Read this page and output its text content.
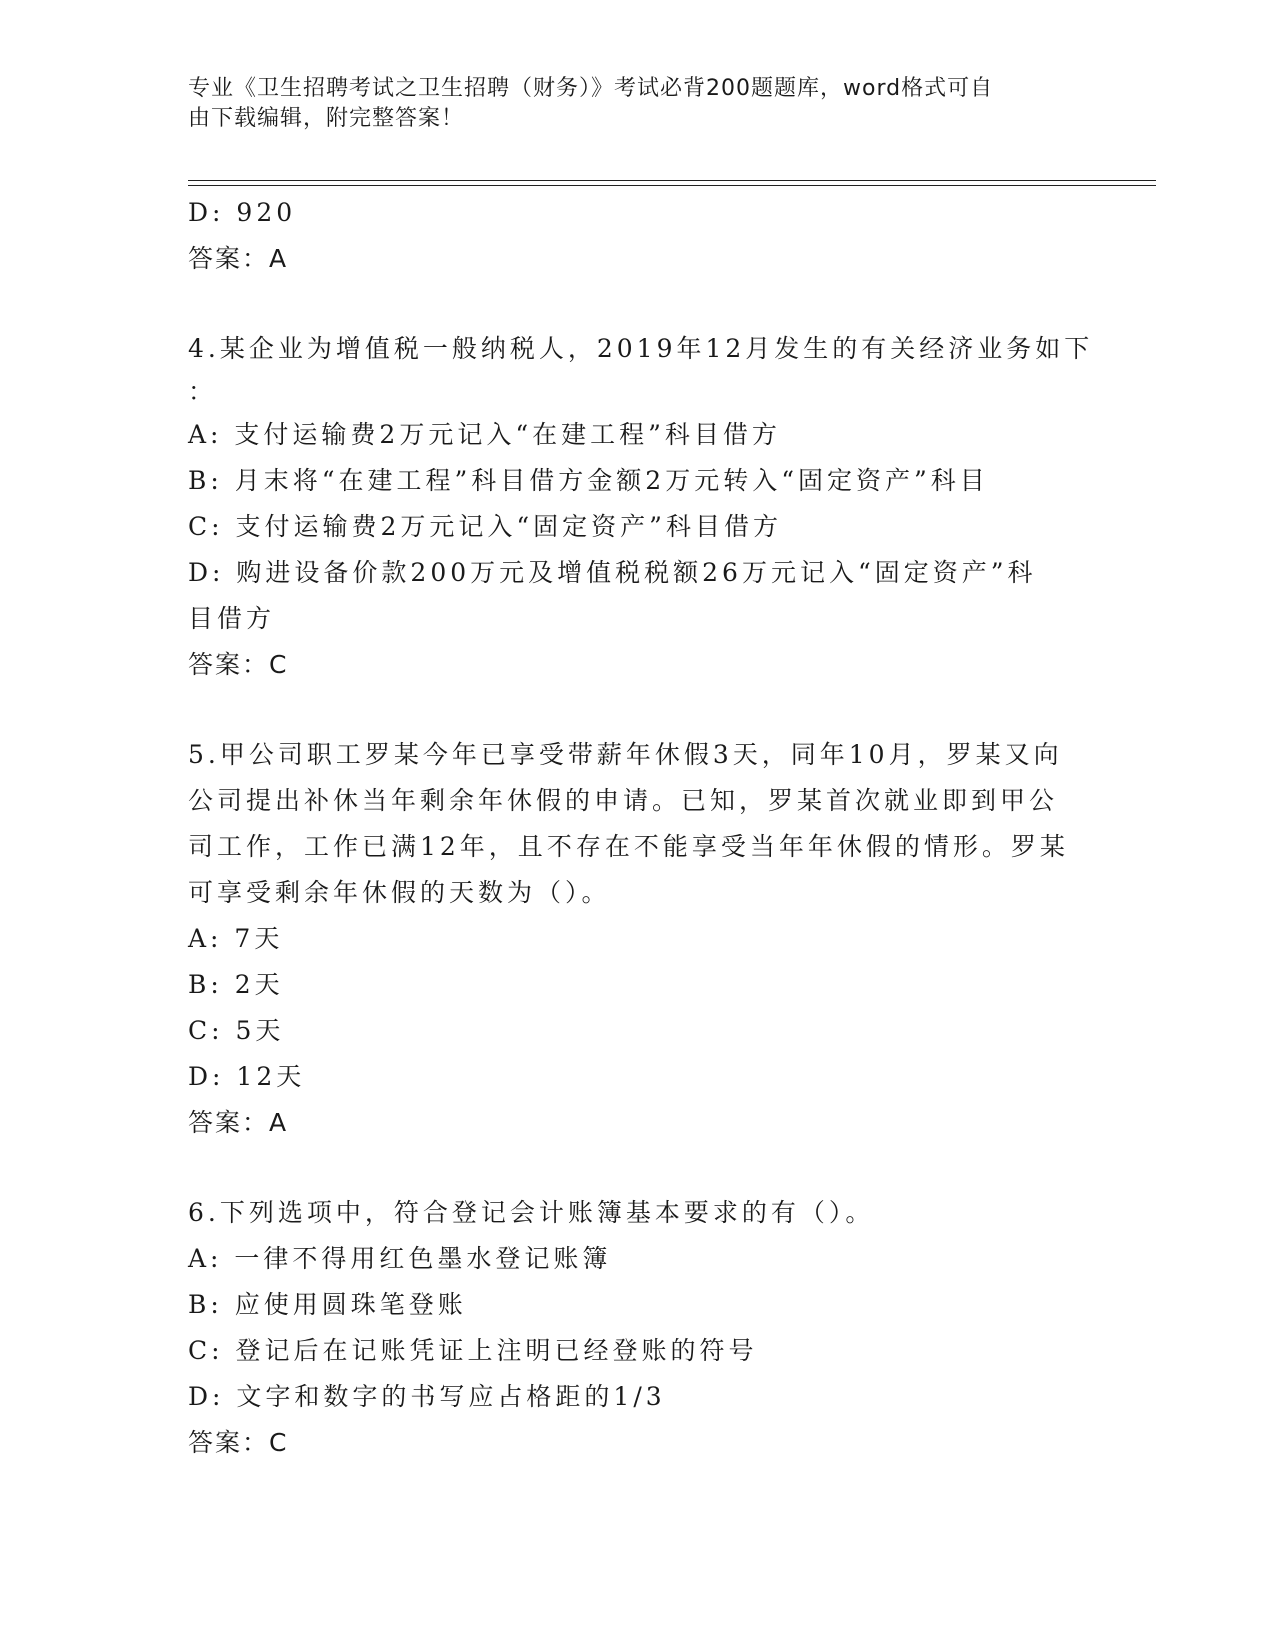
专业《卫生招聘考试之卫生招聘（财务）》考试必背200题题库，word格式可自
由下载编辑，附完整答案！
D: 920
答案：A
4.某企业为增值税一般纳税人，2019年12月发生的有关经济业务如下
：
A: 支付运输费2万元记入“在建工程”科目借方
B: 月末将“在建工程”科目借方金额2万元转入“固定资产”科目
C: 支付运输费2万元记入“固定资产”科目借方
D: 购进设备价款200万元及增值税税额26万元记入“固定资产”科
目借方
答案：C
5.甲公司职工罗某今年已享受带薪年休假3天，同年10月，罗某又向
公司提出补休当年剩余年休假的申请。已知，罗某首次就业即到甲公
司工作，工作已满12年，且不存在不能享受当年年休假的情形。罗某
可享受剩余年休假的天数为（）。
A: 7天
B: 2天
C: 5天
D: 12天
答案：A
6.下列选项中，符合登记会计账簿基本要求的有（）。
A: 一律不得用红色墨水登记账簿
B: 应使用圆珠笔登账
C: 登记后在记账凭证上注明已经登账的符号
D: 文字和数字的书写应占格距的1/3
答案：C
